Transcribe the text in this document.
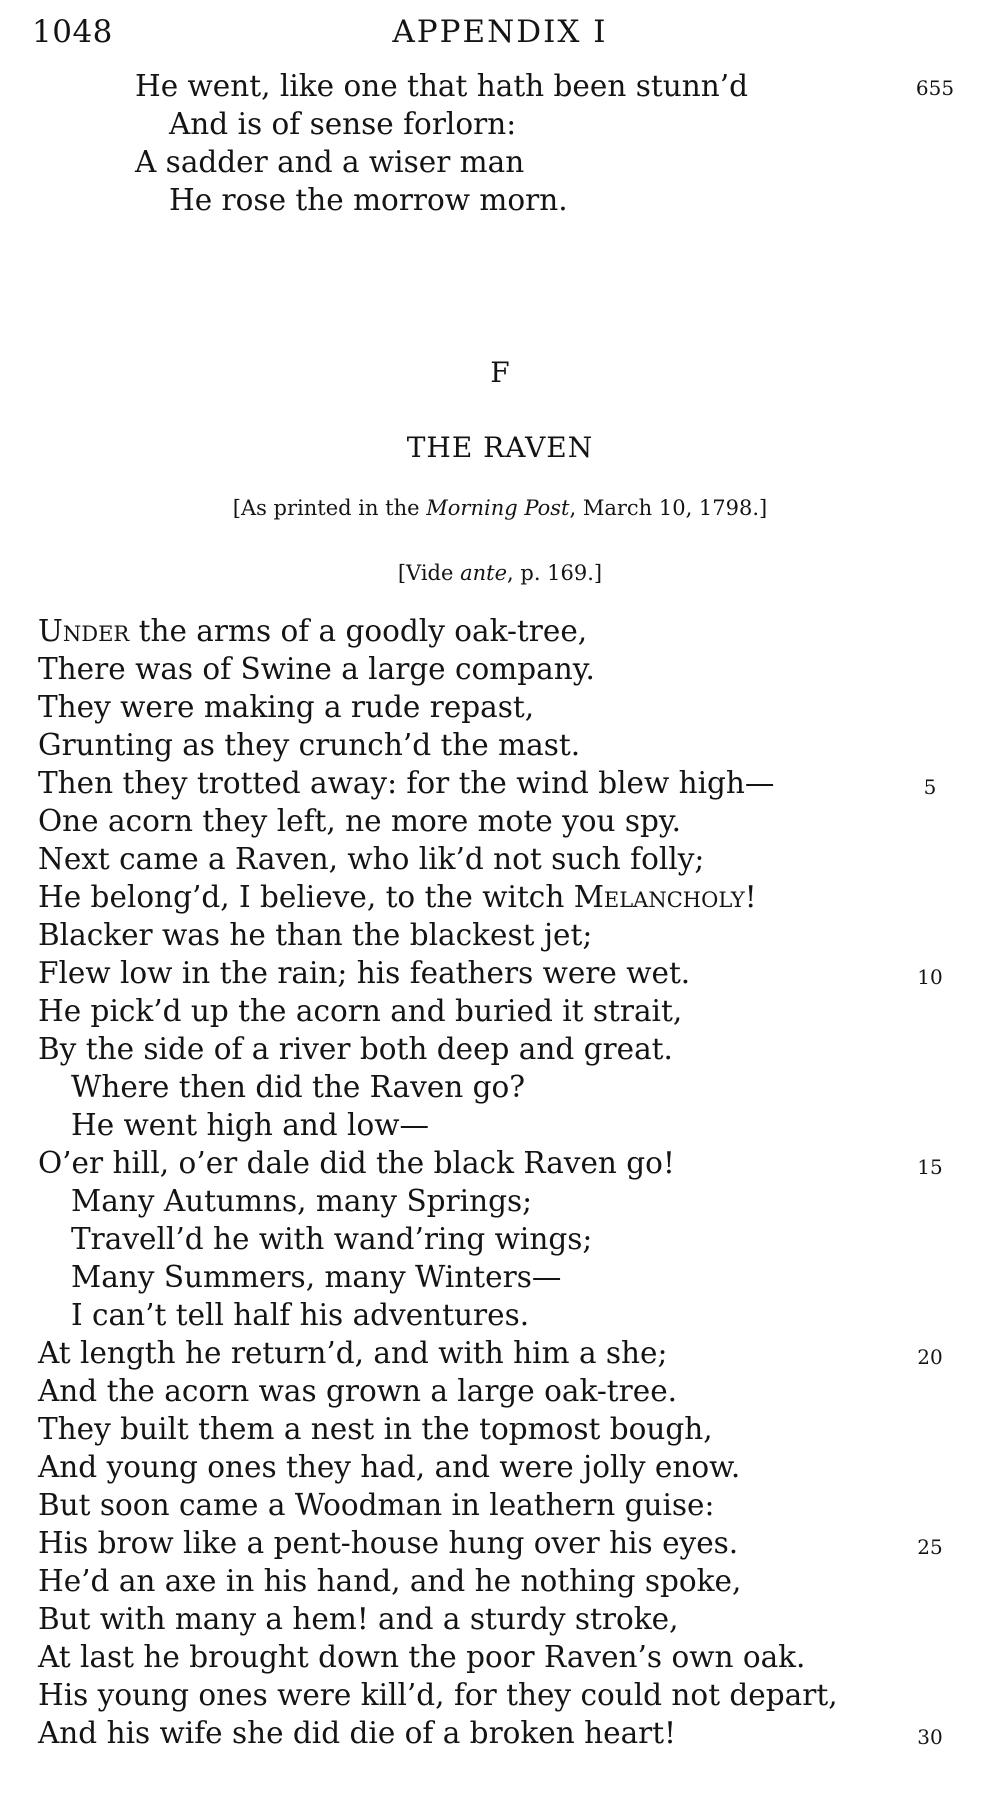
1048	APPENDIX I
He went, like one that hath been stunn’d
And is of sense forlorn:
A sadder and a wiser man
He rose the morrow morn.
655
F
THE RAVEN
[As printed in the Morning Post, March 10, 1798.]
[Vide ante, p. 169.]
Under the arms of a goodly oak-tree,
There was of Swine a large company.
They were making a rude repast,
Grunting as they crunch’d the mast.
Then they trotted away: for the wind blew high—
One acorn they left, ne more mote you spy.
Next came a Raven, who lik’d not such folly;
He belong’d, I believe, to the witch Melancholy!
Blacker was he than the blackest jet;
Flew low in the rain; his feathers were wet.
He pick’d up the acorn and buried it strait,
By the side of a river both deep and great.
Where then did the Raven go?
He went high and low—
O’er hill, o’er dale did the black Raven go!
Many Autumns, many Springs;
Travell’d he with wand’ring wings;
Many Summers, many Winters—
I can’t tell half his adventures.
At length he return’d, and with him a she;
And the acorn was grown a large oak-tree.
They built them a nest in the topmost bough,
And young ones they had, and were jolly enow.
But soon came a Woodman in leathern guise:
His brow like a pent-house hung over his eyes.
He’d an axe in his hand, and he nothing spoke,
But with many a hem! and a sturdy stroke,
At last he brought down the poor Raven’s own oak.
His young ones were kill’d, for they could not depart,
And his wife she did die of a broken heart!
5
10
15
20
25
30
